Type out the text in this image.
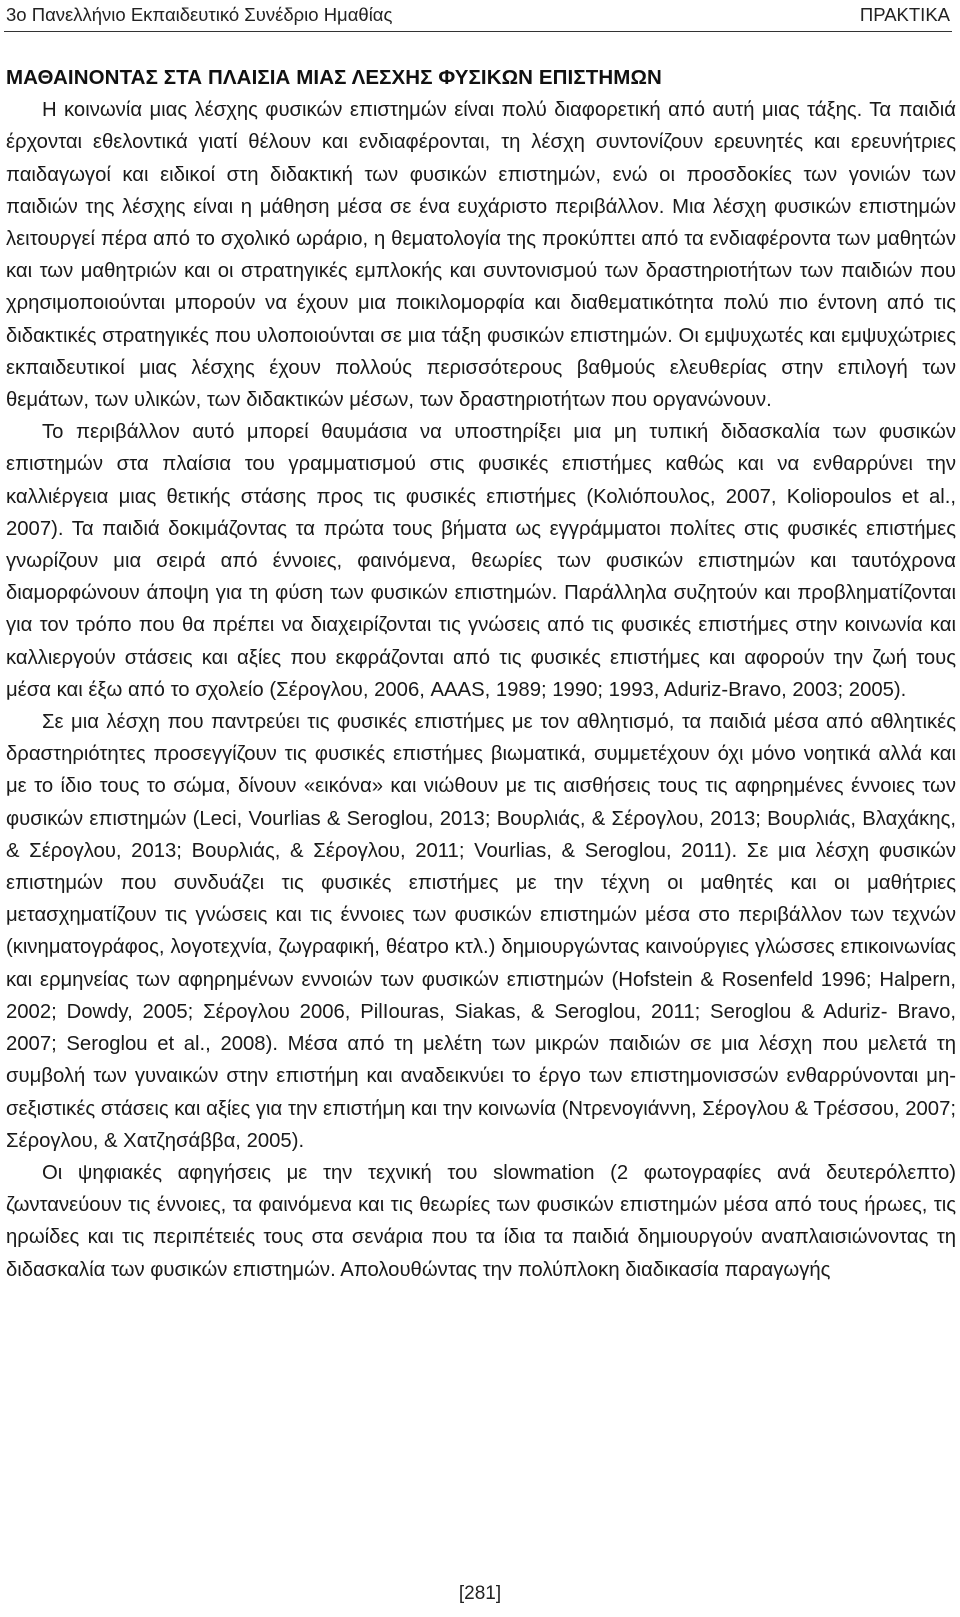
3ο Πανελλήνιο Εκπαιδευτικό Συνέδριο Ημαθίας	ΠΡΑΚΤΙΚΑ
ΜΑΘΑΙΝΟΝΤΑΣ ΣΤΑ ΠΛΑΙΣΙΑ ΜΙΑΣ ΛΕΣΧΗΣ ΦΥΣΙΚΩΝ ΕΠΙΣΤΗΜΩΝ

Η κοινωνία μιας λέσχης φυσικών επιστημών είναι πολύ διαφορετική από αυτή μιας τάξης. Τα παιδιά έρχονται εθελοντικά γιατί θέλουν και ενδιαφέρονται, τη λέσχη συντονίζουν ερευνητές και ερευνήτριες παιδαγωγοί και ειδικοί στη διδακτική των φυσικών επιστημών, ενώ οι προσδοκίες των γονιών των παιδιών της λέσχης είναι η μάθηση μέσα σε ένα ευχάριστο περιβάλλον. Μια λέσχη φυσικών επιστημών λειτουργεί πέρα από το σχολικό ωράριο, η θεματολογία της προκύπτει από τα ενδιαφέροντα των μαθητών και των μαθητριών και οι στρατηγικές εμπλοκής και συντονισμού των δραστηριοτήτων των παιδιών που χρησιμοποιούνται μπορούν να έχουν μια ποικιλομορφία και διαθεματικότητα πολύ πιο έντονη από τις διδακτικές στρατηγικές που υλοποιούνται σε μια τάξη φυσικών επιστημών. Οι εμψυχωτές και εμψυχώτριες εκπαιδευτικοί μιας λέσχης έχουν πολλούς περισσότερους βαθμούς ελευθερίας στην επιλογή των θεμάτων, των υλικών, των διδακτικών μέσων, των δραστηριοτήτων που οργανώνουν.

Το περιβάλλον αυτό μπορεί θαυμάσια να υποστηρίξει μια μη τυπική διδασκαλία των φυσικών επιστημών στα πλαίσια του γραμματισμού στις φυσικές επιστήμες καθώς και να ενθαρρύνει την καλλιέργεια μιας θετικής στάσης προς τις φυσικές επιστήμες (Κολιόπουλος, 2007, Koliopoulos et al., 2007). Τα παιδιά δοκιμάζοντας τα πρώτα τους βήματα ως εγγράμματοι πολίτες στις φυσικές επιστήμες γνωρίζουν μια σειρά από έννοιες, φαινόμενα, θεωρίες των φυσικών επιστημών και ταυτόχρονα διαμορφώνουν άποψη για τη φύση των φυσικών επιστημών. Παράλληλα συζητούν και προβληματίζονται για τον τρόπο που θα πρέπει να διαχειρίζονται τις γνώσεις από τις φυσικές επιστήμες στην κοινωνία και καλλιεργούν στάσεις και αξίες που εκφράζονται από τις φυσικές επιστήμες και αφορούν την ζωή τους μέσα και έξω από το σχολείο (Σέρογλου, 2006, AAAS, 1989; 1990; 1993, Aduriz-Bravo, 2003; 2005).

Σε μια λέσχη που παντρεύει τις φυσικές επιστήμες με τον αθλητισμό, τα παιδιά μέσα από αθλητικές δραστηριότητες προσεγγίζουν τις φυσικές επιστήμες βιωματικά, συμμετέχουν όχι μόνο νοητικά αλλά και με το ίδιο τους το σώμα, δίνουν «εικόνα» και νιώθουν με τις αισθήσεις τους τις αφηρημένες έννοιες των φυσικών επιστημών (Leci, Vourlias & Seroglou, 2013; Βουρλιάς, & Σέρογλου, 2013; Βουρλιάς, Βλαχάκης, & Σέρογλου, 2013; Βουρλιάς, & Σέρογλου, 2011; Vourlias, & Seroglou, 2011). Σε μια λέσχη φυσικών επιστημών που συνδυάζει τις φυσικές επιστήμες με την τέχνη οι μαθητές και οι μαθήτριες μετασχηματίζουν τις γνώσεις και τις έννοιες των φυσικών επιστημών μέσα στο περιβάλλον των τεχνών (κινηματογράφος, λογοτεχνία, ζωγραφική, θέατρο κτλ.) δημιουργώντας καινούργιες γλώσσες επικοινωνίας και ερμηνείας των αφηρημένων εννοιών των φυσικών επιστημών (Hofstein & Rosenfeld 1996; Halpern, 2002; Dowdy, 2005; Σέρογλου 2006, PilIouras, Siakas, & Seroglou, 2011; Seroglou & Aduriz- Bravo, 2007; Seroglou et al., 2008). Μέσα από τη μελέτη των μικρών παιδιών σε μια λέσχη που μελετά τη συμβολή των γυναικών στην επιστήμη και αναδεικνύει το έργο των επιστημονισσών ενθαρρύνονται μη-σεξιστικές στάσεις και αξίες για την επιστήμη και την κοινωνία (Ντρενογιάννη, Σέρογλου & Τρέσσου, 2007; Σέρογλου, & Χατζησάββα, 2005).

Οι ψηφιακές αφηγήσεις με την τεχνική του slowmation (2 φωτογραφίες ανά δευτερόλεπτο) ζωντανεύουν τις έννοιες, τα φαινόμενα και τις θεωρίες των φυσικών επιστημών μέσα από τους ήρωες, τις ηρωίδες και τις περιπέτειές τους στα σενάρια που τα ίδια τα παιδιά δημιουργούν αναπλαισιώνοντας τη διδασκαλία των φυσικών επιστημών. Απολουθώντας την πολύπλοκη διαδικασία παραγωγής

[281]
